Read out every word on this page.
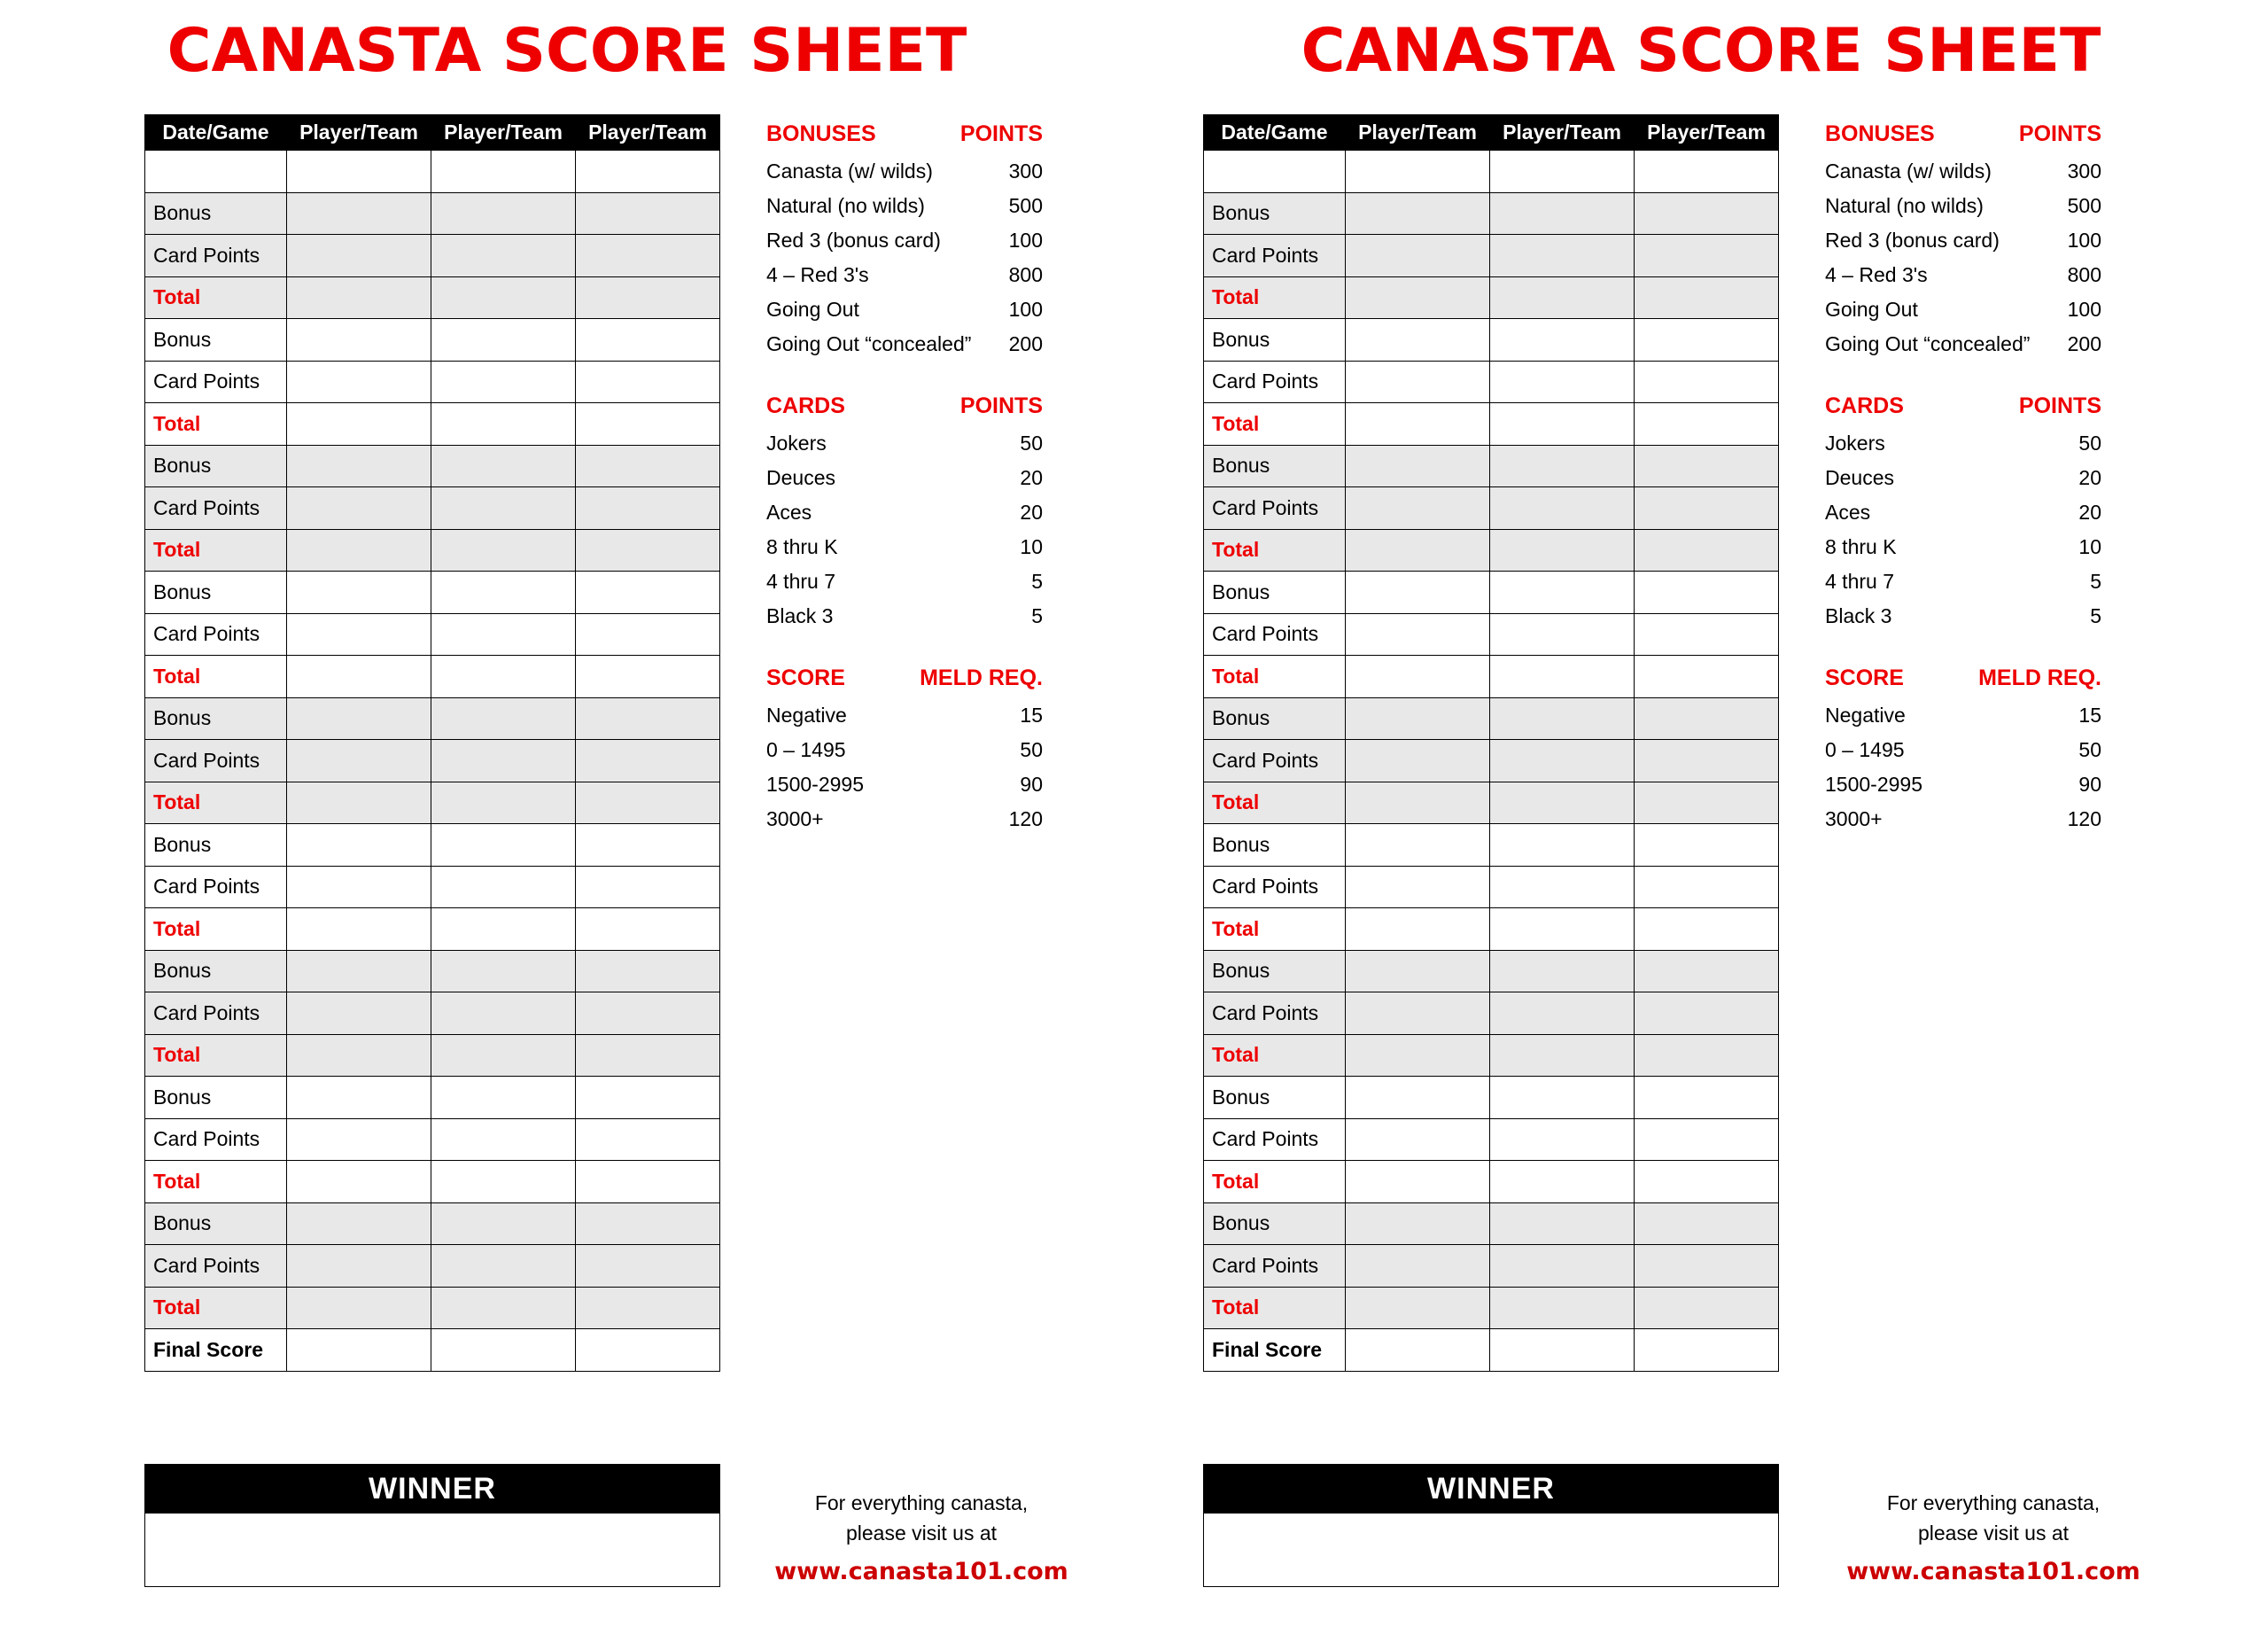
CANASTA SCORE SHEET
Date/Game	Player/Team	Player/Team	Player/Team

Bonus			
Card Points			
Total			
Bonus			
Card Points			
Total			
Bonus			
Card Points			
Total			
Bonus			
Card Points			
Total			
Bonus			
Card Points			
Total			
Bonus			
Card Points			
Total			
Bonus			
Card Points			
Total			
Bonus			
Card Points			
Total			
Bonus			
Card Points			
Total			
Final Score			
BONUSES	POINTS
Canasta (w/ wilds)	300
Natural (no wilds)	500
Red 3 (bonus card)	100
4 – Red 3's	800
Going Out	100
Going Out “concealed”	200
CARDS	POINTS
Jokers	50
Deuces	20
Aces	20
8 thru K	10
4 thru 7	5
Black 3	5
SCORE	MELD REQ.
Negative	15
0 – 1495	50
1500-2995	90
3000+	120
WINNER	For everything canasta,
please visit us at
www.canasta101.com
CANASTA SCORE SHEET
Date/Game	Player/Team	Player/Team	Player/Team

Bonus			
Card Points			
Total			
Bonus			
Card Points			
Total			
Bonus			
Card Points			
Total			
Bonus			
Card Points			
Total			
Bonus			
Card Points			
Total			
Bonus			
Card Points			
Total			
Bonus			
Card Points			
Total			
Bonus			
Card Points			
Total			
Bonus			
Card Points			
Total			
Final Score			
BONUSES	POINTS
Canasta (w/ wilds)	300
Natural (no wilds)	500
Red 3 (bonus card)	100
4 – Red 3's	800
Going Out	100
Going Out “concealed”	200
CARDS	POINTS
Jokers	50
Deuces	20
Aces	20
8 thru K	10
4 thru 7	5
Black 3	5
SCORE	MELD REQ.
Negative	15
0 – 1495	50
1500-2995	90
3000+	120
WINNER	For everything canasta,
please visit us at
www.canasta101.com
